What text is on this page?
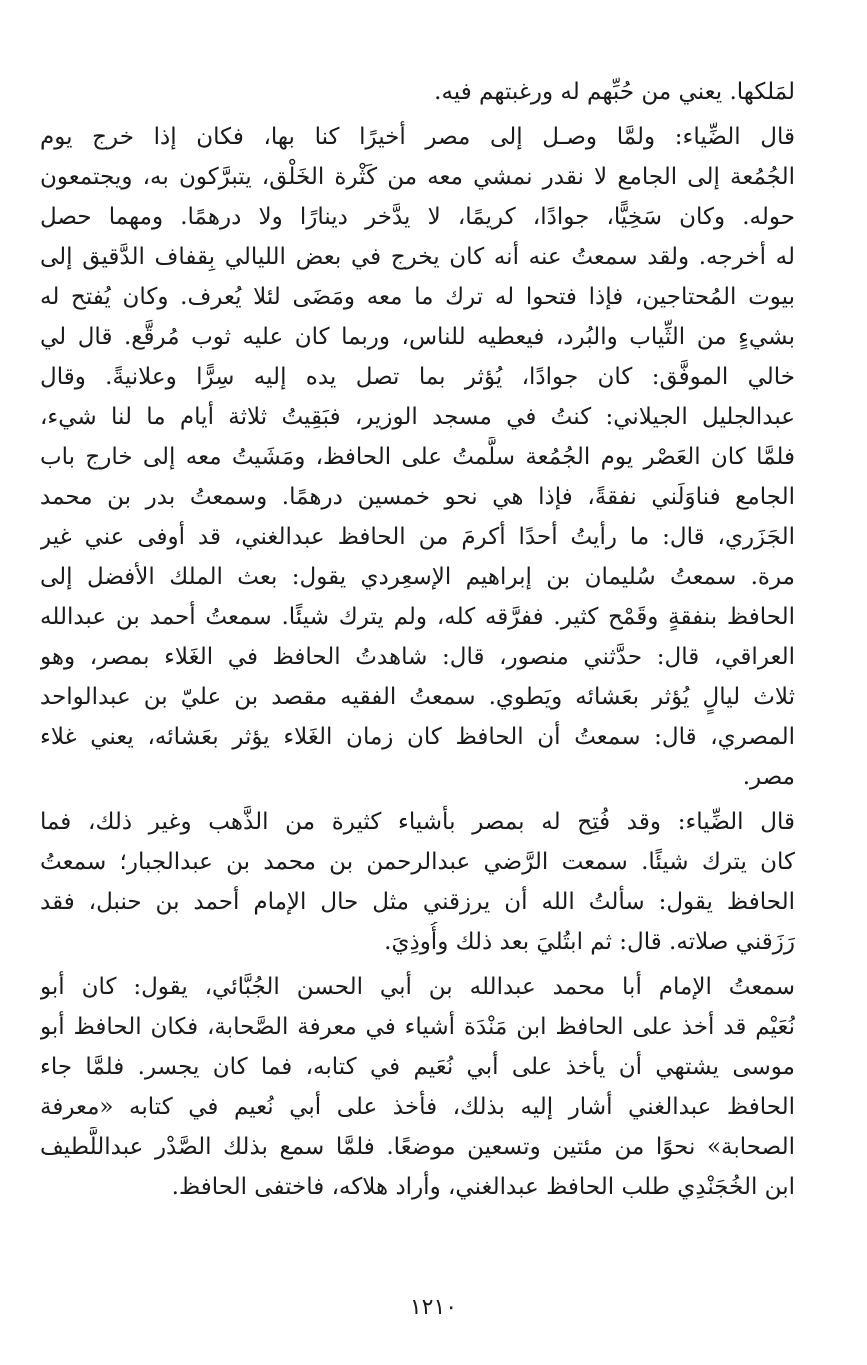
لمَلكها. يعني من حُبِّهم له ورغبتهم فيه.
قال الضِّياء: ولمَّا وصـل إلى مصر أخيرًا كنا بها، فكان إذا خرج يوم
الجُمُعة إلى الجامع لا نقدر نمشي معه من كَثْرة الخَلْق، يتبرَّكون به، ويجتمعون
حوله. وكان سَخِيًّا، جوادًا، كريمًا، لا يدَّخر دينارًا ولا درهمًا. ومهما حصل
له أخرجه. ولقد سمعتُ عنه أنه كان يخرج في بعض الليالي بِقفاف الدَّقيق إلى
بيوت المُحتاجين، فإذا فتحوا له ترك ما معه ومَضَى لئلا يُعرف. وكان يُفتح له
بشيءٍ من الثِّياب والبُرد، فيعطيه للناس، وربما كان عليه ثوب مُرقَّع. قال لي
خالي الموفَّق: كان جوادًا، يُؤثر بما تصل يده إليه سِرًّا وعلانيةً. وقال
عبدالجليل الجيلاني: كنتُ في مسجد الوزير، فبَقِيتُ ثلاثة أيام ما لنا شيء،
فلمَّا كان العَصْر يوم الجُمُعة سلَّمتُ على الحافظ، ومَشَيتُ معه إلى خارج باب
الجامع فناوَلَني نفقةً، فإذا هي نحو خمسين درهمًا. وسمعتُ بدر بن محمد
الجَزَري، قال: ما رأيتُ أحدًا أكرمَ من الحافظ عبدالغني، قد أوفى عني غير
مرة. سمعتُ سُليمان بن إبراهيم الإسعِردي يقول: بعث الملك الأفضل إلى
الحافظ بنفقةٍ وقَمْح كثير. ففرَّقه كله، ولم يترك شيئًا. سمعتُ أحمد بن عبدالله
العراقي، قال: حدَّثني منصور، قال: شاهدتُ الحافظ في الغَلاء بمصر، وهو
ثلاث ليالٍ يُؤثر بعَشائه ويَطوي. سمعتُ الفقيه مقصد بن عليّ بن عبدالواحد
المصري، قال: سمعتُ أن الحافظ كان زمان الغَلاء يؤثر بعَشائه، يعني غلاء
مصر.
قال الضِّياء: وقد فُتِح له بمصر بأشياء كثيرة من الذَّهب وغير ذلك، فما
كان يترك شيئًا. سمعت الرَّضي عبدالرحمن بن محمد بن عبدالجبار؛ سمعتُ
الحافظ يقول: سألتُ الله أن يرزقني مثل حال الإمام أحمد بن حنبل، فقد
رَزَقني صلاته. قال: ثم ابتُليَ بعد ذلك وأُوذِيَ.
سمعتُ الإمام أبا محمد عبدالله بن أبي الحسن الجُبَّائي، يقول: كان أبو
نُعَيْم قد أخذ على الحافظ ابن مَنْدَة أشياء في معرفة الصَّحابة، فكان الحافظ أبو
موسى يشتهي أن يأخذ على أبي نُعَيم في كتابه، فما كان يجسر. فلمَّا جاء
الحافظ عبدالغني أشار إليه بذلك، فأخذ على أبي نُعيم في كتابه «معرفة
الصحابة» نحوًا من مئتين وتسعين موضعًا. فلمَّا سمع بذلك الصَّدْر عبداللَّطيف
ابن الخُجَنْدِي طلب الحافظ عبدالغني، وأراد هلاكه، فاختفى الحافظ.
١٢١٠
